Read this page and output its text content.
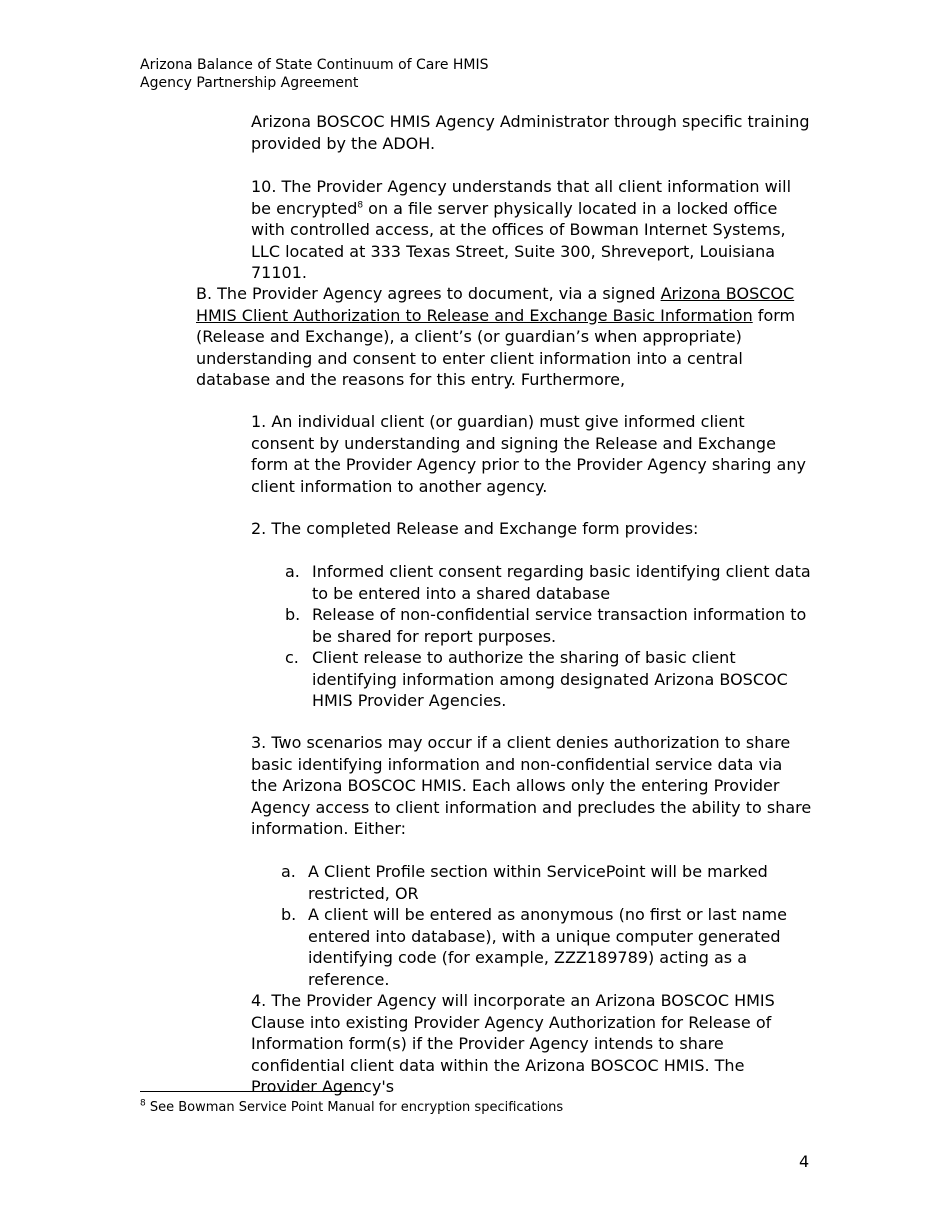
Arizona Balance of State Continuum of Care HMIS
Agency Partnership Agreement
Arizona BOSCOC HMIS Agency Administrator through specific training provided by the ADOH.
10. The Provider Agency understands that all client information will be encrypted$^8$ on a file server physically located in a locked office with controlled access, at the offices of Bowman Internet Systems, LLC located at 333 Texas Street, Suite 300, Shreveport, Louisiana 71101.
B. The Provider Agency agrees to document, via a signed Arizona BOSCOC HMIS Client Authorization to Release and Exchange Basic Information form (Release and Exchange), a client’s (or guardian’s when appropriate) understanding and consent to enter client information into a central database and the reasons for this entry. Furthermore,
1. An individual client (or guardian) must give informed client consent by understanding and signing the Release and Exchange form at the Provider Agency prior to the Provider Agency sharing any client information to another agency.
2. The completed Release and Exchange form provides:
a. Informed client consent regarding basic identifying client data to be entered into a shared database
b. Release of non-confidential service transaction information to be shared for report purposes.
c. Client release to authorize the sharing of basic client identifying information among designated Arizona BOSCOC HMIS Provider Agencies.
3. Two scenarios may occur if a client denies authorization to share basic identifying information and non-confidential service data via the Arizona BOSCOC HMIS. Each allows only the entering Provider Agency access to client information and precludes the ability to share information. Either:
a. A Client Profile section within ServicePoint will be marked restricted, OR
b. A client will be entered as anonymous (no first or last name entered into database), with a unique computer generated identifying code (for example, ZZZ189789) acting as a reference.
4. The Provider Agency will incorporate an Arizona BOSCOC HMIS Clause into existing Provider Agency Authorization for Release of Information form(s) if the Provider Agency intends to share confidential client data within the Arizona BOSCOC HMIS. The Provider Agency's
$^8$ See Bowman Service Point Manual for encryption specifications
4
